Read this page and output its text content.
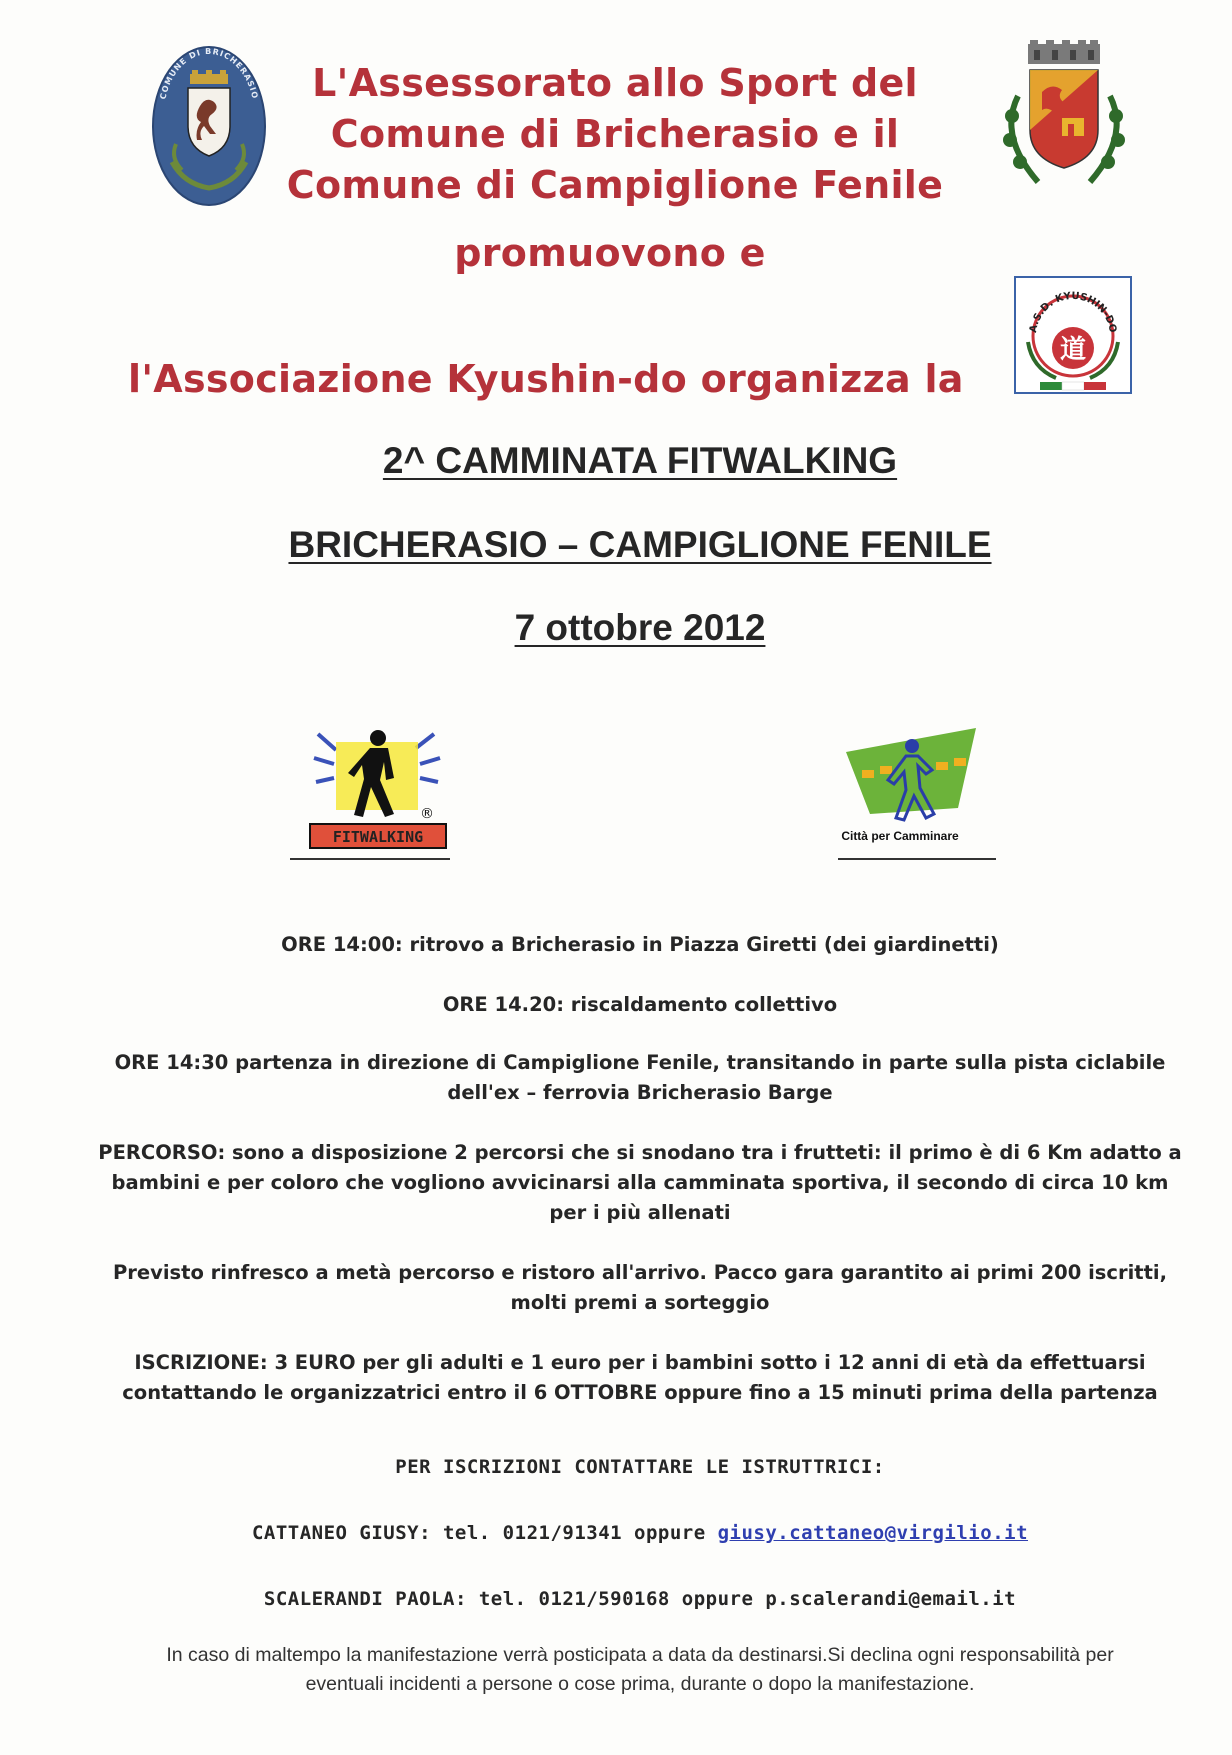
COMUNE DI BRICHERASIO	L'Assessorato allo Sport del
Comune di Bricherasio e il
Comune di Campiglione Fenile
promuovono e
A.S.D. KYUSHIN-DO
道
l'Associazione Kyushin-do organizza la
2^ CAMMINATA FITWALKING
BRICHERASIO – CAMPIGLIONE FENILE
7 ottobre 2012
®
FITWALKING	Città per Camminare
ORE 14:00: ritrovo a Bricherasio in Piazza Giretti (dei giardinetti)
ORE 14.20: riscaldamento collettivo
ORE 14:30 partenza in direzione di Campiglione Fenile, transitando in parte sulla pista ciclabile
dell'ex – ferrovia Bricherasio Barge
PERCORSO: sono a disposizione 2 percorsi che si snodano tra i frutteti: il primo è di 6 Km adatto a
bambini e per coloro che vogliono avvicinarsi alla camminata sportiva, il secondo di circa 10 km
per i più allenati
Previsto rinfresco a metà percorso e ristoro all'arrivo. Pacco gara garantito ai primi 200 iscritti,
molti premi a sorteggio
ISCRIZIONE: 3 EURO per gli adulti e 1 euro per i bambini sotto i 12 anni di età da effettuarsi
contattando le organizzatrici entro il 6 OTTOBRE oppure fino a 15 minuti prima della partenza
PER ISCRIZIONI CONTATTARE LE ISTRUTTRICI:
CATTANEO GIUSY: tel. 0121/91341 oppure giusy.cattaneo@virgilio.it
SCALERANDI PAOLA: tel. 0121/590168 oppure p.scalerandi@email.it
In caso di maltempo la manifestazione verrà posticipata a data da destinarsi.Si declina ogni responsabilità per
eventuali incidenti a persone o cose prima, durante o dopo la manifestazione.
